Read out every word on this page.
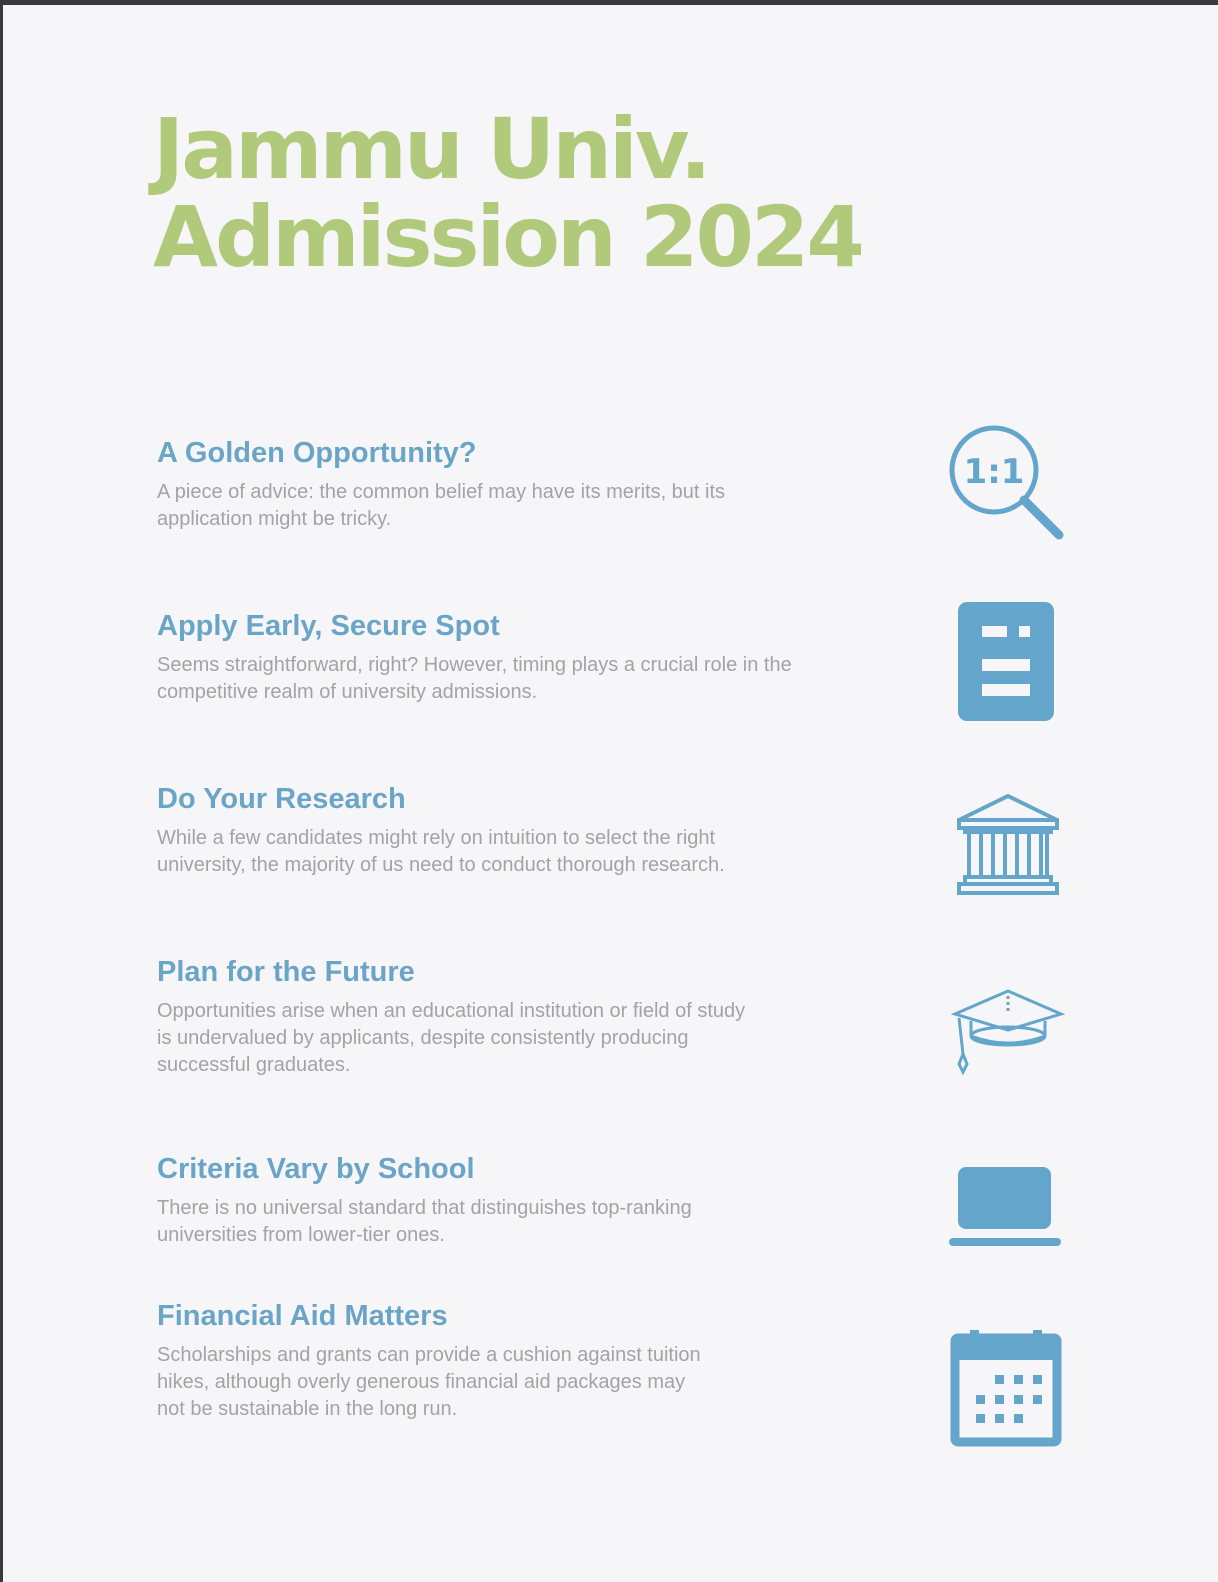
Jammu Univ.
Admission 2024
A Golden Opportunity?

A piece of advice: the common belief may have its merits, but its application might be tricky.

1:1
Apply Early, Secure Spot

Seems straightforward, right? However, timing plays a crucial role in the competitive realm of university admissions.

Do Your Research

While a few candidates might rely on intuition to select the right university, the majority of us need to conduct thorough research.

Plan for the Future

Opportunities arise when an educational institution or field of study is undervalued by applicants, despite consistently producing successful graduates.

Criteria Vary by School

There is no universal standard that distinguishes top-ranking universities from lower-tier ones.

Financial Aid Matters

Scholarships and grants can provide a cushion against tuition hikes, although overly generous financial aid packages may not be sustainable in the long run.
